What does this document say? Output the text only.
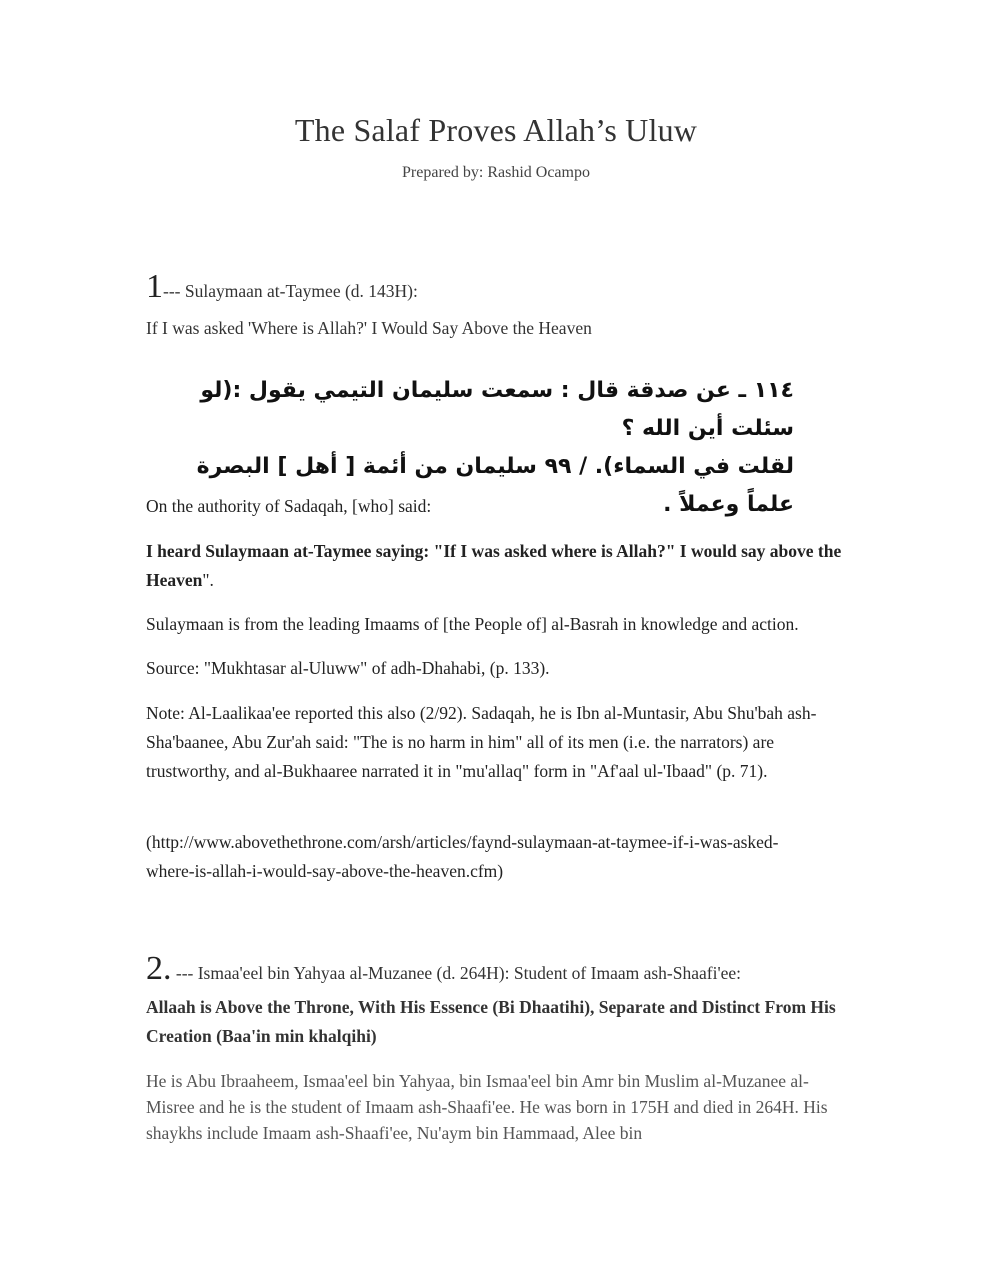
The Salaf Proves Allah’s Uluw
Prepared by: Rashid Ocampo
1--- Sulaymaan at-Taymee (d. 143H):
If I was asked 'Where is Allah?' I Would Say Above the Heaven
١١٤ ـ عن صدقة قال : سمعت سليمان التيمي يقول :(لو سئلت أين الله ؟
لقلت في السماء). / ٩٩ سليمان من أئمة [ أهل ] البصرة علماً وعملاً .
On the authority of Sadaqah, [who] said:
I heard Sulaymaan at-Taymee saying: "If I was asked where is Allah?" I would say above the Heaven".
Sulaymaan is from the leading Imaams of [the People of] al-Basrah in knowledge and action.
Source: "Mukhtasar al-Uluww" of adh-Dhahabi, (p. 133).
Note: Al-Laalikaa'ee reported this also (2/92). Sadaqah, he is Ibn al-Muntasir, Abu Shu'bah ash-Sha'baanee, Abu Zur'ah said: "The is no harm in him" all of its men (i.e. the narrators) are trustworthy, and al-Bukhaaree narrated it in "mu'allaq" form in "Af'aal ul-'Ibaad" (p. 71).
(http://www.abovethethrone.com/arsh/articles/faynd-sulaymaan-at-taymee-if-i-was-asked-
where-is-allah-i-would-say-above-the-heaven.cfm)
2. --- Ismaa'eel bin Yahyaa al-Muzanee (d. 264H): Student of Imaam ash-Shaafi'ee:
Allaah is Above the Throne, With His Essence (Bi Dhaatihi), Separate and Distinct From His Creation (Baa'in min khalqihi)
He is Abu Ibraaheem, Ismaa'eel bin Yahyaa, bin Ismaa'eel bin Amr bin Muslim al-Muzanee al-Misree and he is the student of Imaam ash-Shaafi'ee. He was born in 175H and died in 264H. His shaykhs include Imaam ash-Shaafi'ee, Nu'aym bin Hammaad, Alee bin
